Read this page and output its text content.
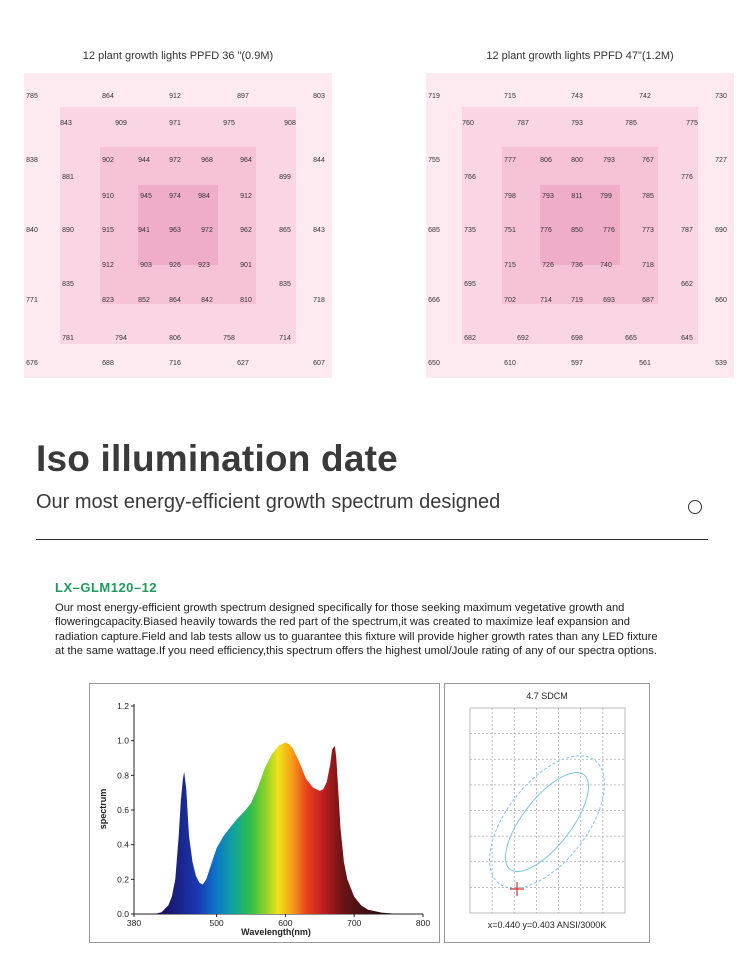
12 plant growth lights PPFD 36 "(0.9M)
785	864	912	897	803
843	909	971	975	908
838	902	944	972	968	964	844
881	899
910	945 974 984	912
840	890	915	941	963	972	962	865	843
912	903 926 923	901
835	835
771	823	852	864	842	810	718
781	794	806	758	714
676	688	716	627	607
12 plant growth lights PPFD 47"(1.2M)
719	715	743	742	730
760	787	793	785	775
755	777	806	800	793	767	727
766	776
798	793	811	799	785
685	735	751	776	850	776	773	787	690
715	726 736 740	718
695	662
666	702	714	719	693	687	660
682	692	698	665	645
650	610	597	561	539
Iso illumination date
Our most energy-efficient growth spectrum designed
LX–GLM120–12
Our most energy-efficient growth spectrum designed specifically for those seeking maximum vegetative growth and floweringcapacity.Biased heavily towards the red part of the spectrum,it was created to maximize leaf expansion and radiation capture.Field and lab tests allow us to guarantee this fixture will provide higher growth rates than any LED fixture at the same wattage.If you need efficiency,this spectrum offers the highest umol/Joule rating of any of our spectra options.
0.0
0.2
0.4
0.6
0.8
1.0
1.2
380	500	600	700	800
spectrum
Wavelength(nm)
4.7 SDCM
x=0.440 y=0.403 ANSI/3000K
